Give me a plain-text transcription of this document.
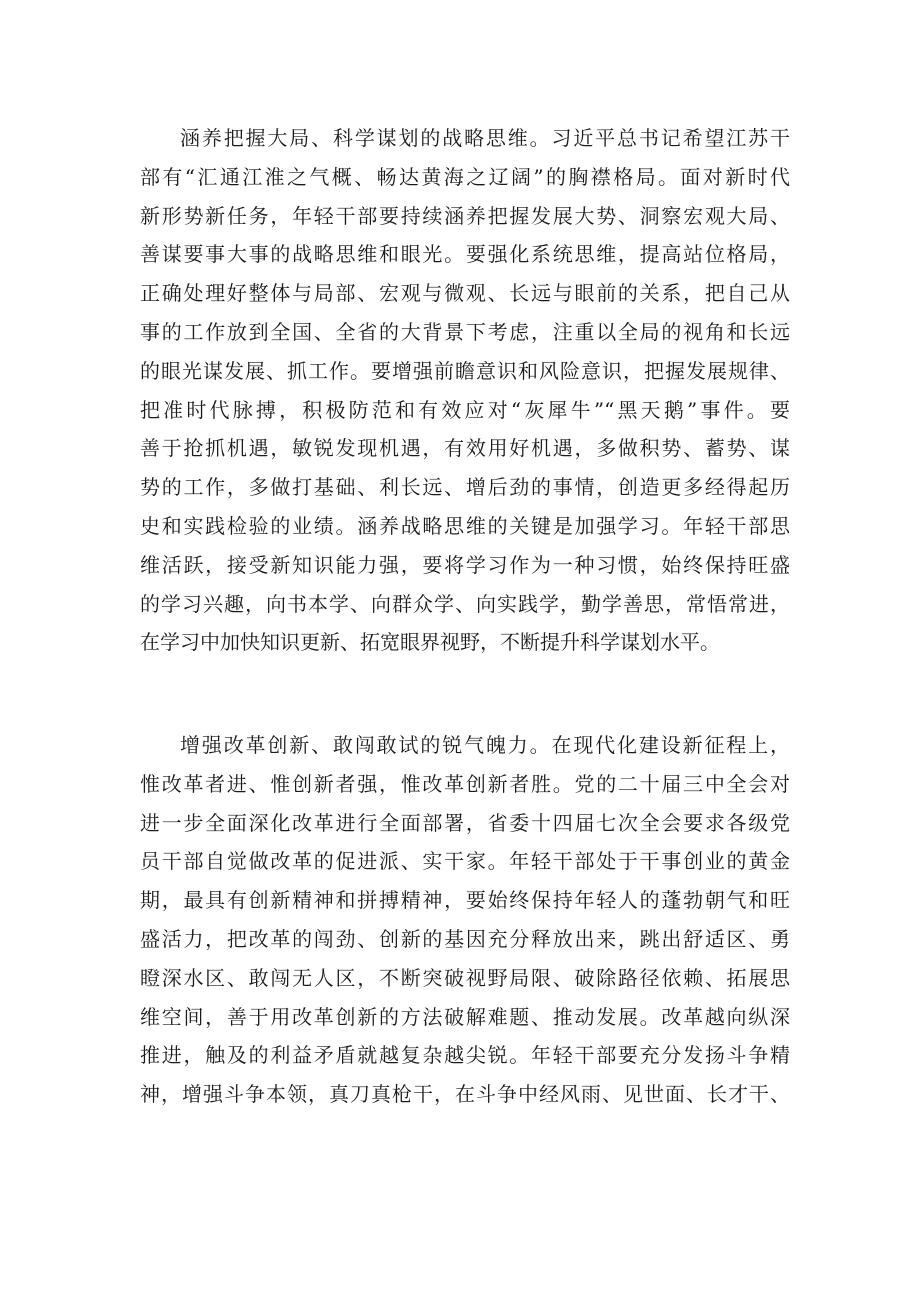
涵养把握大局、科学谋划的战略思维。习近平总书记希望江苏干
部有“汇通江淮之气概、畅达黄海之辽阔”的胸襟格局。面对新时代
新形势新任务，年轻干部要持续涵养把握发展大势、洞察宏观大局、
善谋要事大事的战略思维和眼光。要强化系统思维，提高站位格局，
正确处理好整体与局部、宏观与微观、长远与眼前的关系，把自己从
事的工作放到全国、全省的大背景下考虑，注重以全局的视角和长远
的眼光谋发展、抓工作。要增强前瞻意识和风险意识，把握发展规律、
把准时代脉搏，积极防范和有效应对“灰犀牛”“黑天鹅”事件。要
善于抢抓机遇，敏锐发现机遇，有效用好机遇，多做积势、蓄势、谋
势的工作，多做打基础、利长远、增后劲的事情，创造更多经得起历
史和实践检验的业绩。涵养战略思维的关键是加强学习。年轻干部思
维活跃，接受新知识能力强，要将学习作为一种习惯，始终保持旺盛
的学习兴趣，向书本学、向群众学、向实践学，勤学善思，常悟常进，
在学习中加快知识更新、拓宽眼界视野，不断提升科学谋划水平。
增强改革创新、敢闯敢试的锐气魄力。在现代化建设新征程上，
惟改革者进、惟创新者强，惟改革创新者胜。党的二十届三中全会对
进一步全面深化改革进行全面部署，省委十四届七次全会要求各级党
员干部自觉做改革的促进派、实干家。年轻干部处于干事创业的黄金
期，最具有创新精神和拼搏精神，要始终保持年轻人的蓬勃朝气和旺
盛活力，把改革的闯劲、创新的基因充分释放出来，跳出舒适区、勇
瞪深水区、敢闯无人区，不断突破视野局限、破除路径依赖、拓展思
维空间，善于用改革创新的方法破解难题、推动发展。改革越向纵深
推进，触及的利益矛盾就越复杂越尖锐。年轻干部要充分发扬斗争精
神，增强斗争本领，真刀真枪干，在斗争中经风雨、见世面、长才干、
